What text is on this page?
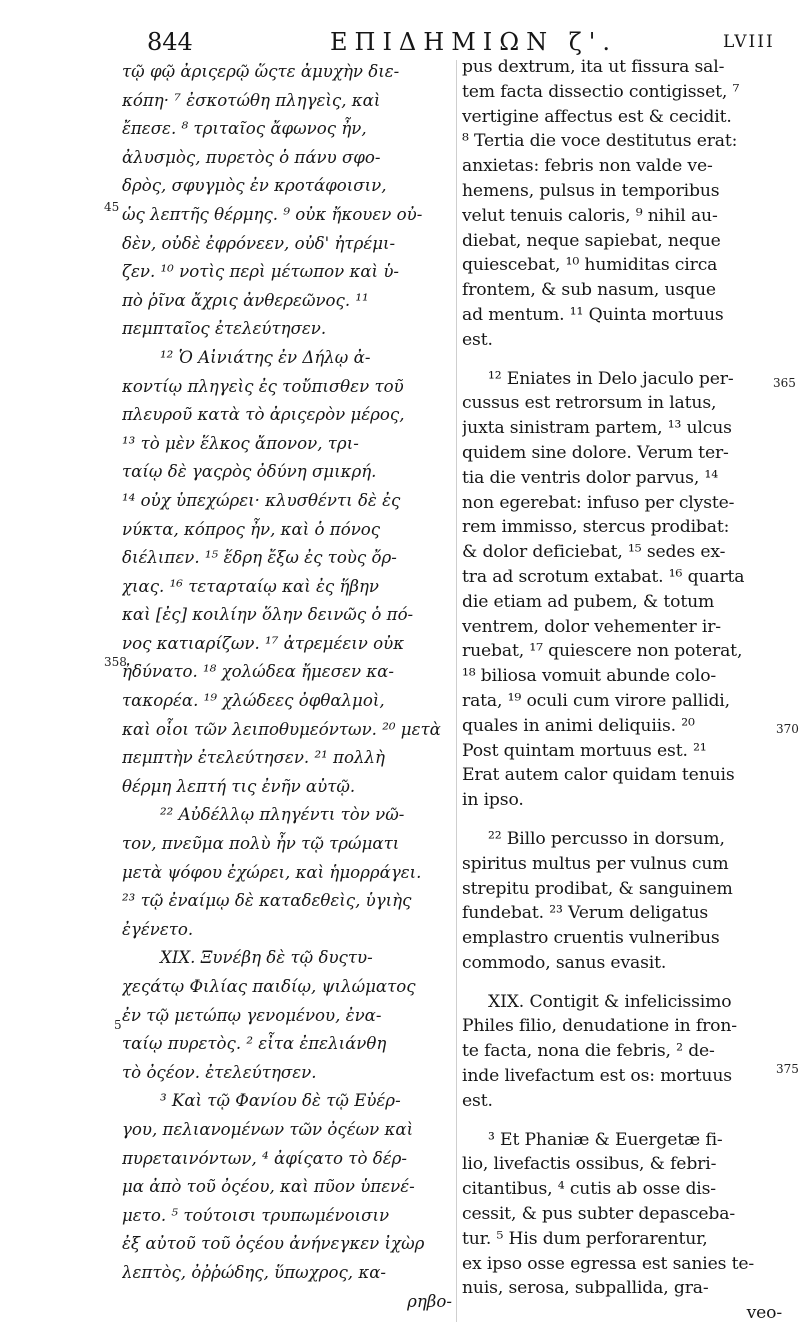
844	ΕΠΙΔΗΜΙΩΝ ζ'.	LVIII
45
365
358
370
5
375
τῷ φῷ ἀριςερῷ ὥςτε ἀμυχὴν διε-
κόπη· ⁷ ἐσκοτώθη πληγεὶς, καὶ
ἔπεσε. ⁸ τριταῖος ἄφωνος ἦν,
ἀλυσμὸς, πυρετὸς ὁ πάνυ σφο-
δρὸς, σφυγμὸς ἐν κροτάφοισιν,
ὡς λεπτῆς θέρμης. ⁹ οὐκ ἤκουεν οὐ-
δὲν, οὐδὲ ἐφρόνεεν, οὐδ' ἠτρέμι-
ζεν. ¹⁰ νοτὶς περὶ μέτωπον καὶ ὑ-
πὸ ῥῖνα ἄχρις ἀνθερεῶνος. ¹¹
πεμπταῖος ἐτελεύτησεν.
¹² Ὁ Αἰνιάτης ἐν Δήλῳ ἀ-
κοντίῳ πληγεὶς ἐς τοὔπισθεν τοῦ
πλευροῦ κατὰ τὸ ἀριςερὸν μέρος,
¹³ τὸ μὲν ἕλκος ἄπονον, τρι-
ταίῳ δὲ γαςρὸς ὀδύνη σμικρή.
¹⁴ οὐχ ὑπεχώρει· κλυσθέντι δὲ ἐς
νύκτα, κόπρος ἦν, καὶ ὁ πόνος
διέλιπεν. ¹⁵ ἕδρη ἔξω ἐς τοὺς ὄρ-
χιας. ¹⁶ τεταρταίῳ καὶ ἐς ἥβην
καὶ [ἐς] κοιλίην ὅλην δεινῶς ὁ πό-
νος κατιαρίζων. ¹⁷ ἀτρεμέειν οὐκ
ἠδύνατο. ¹⁸ χολώδεα ἤμεσεν κα-
τακορέα. ¹⁹ χλώδεες ὀφθαλμοὶ,
καὶ οἷοι τῶν λειποθυμεόντων. ²⁰ μετὰ
πεμπτὴν ἐτελεύτησεν. ²¹ πολλὴ
θέρμη λεπτή τις ἐνῆν αὐτῷ.
²² Αὐδέλλῳ πληγέντι τὸν νῶ-
τον, πνεῦμα πολὺ ἦν τῷ τρώματι
μετὰ ψόφου ἐχώρει, καὶ ἡμορράγει.
²³ τῷ ἐναίμῳ δὲ καταδεθεὶς, ὑγιὴς
ἐγένετο.
XIX. Ξυνέβη δὲ τῷ δυςτυ-
χεςάτῳ Φιλίας παιδίῳ, ψιλώματος
ἐν τῷ μετώπῳ γενομένου, ἐνα-
ταίῳ πυρετὸς. ² εἶτα ἐπελιάνθη
τὸ ὀςέον. ἐτελεύτησεν.
³ Καὶ τῷ Φανίου δὲ τῷ Εὐέρ-
γου, πελιανομένων τῶν ὀςέων καὶ
πυρεταινόντων, ⁴ ἀφίςατο τὸ δέρ-
μα ἀπὸ τοῦ ὀςέου, καὶ πῦον ὑπενέ-
μετο. ⁵ τούτοισι τρυπωμένοισιν
ἐξ αὐτοῦ τοῦ ὀςέου ἀνήνεγκεν ἰχὼρ
λεπτὸς, ὀῤῥώδης, ὕπωχρος, κα-
ρηβο-
pus dextrum, ita ut fissura sal-
tem facta dissectio contigisset, ⁷
vertigine affectus est & cecidit.
⁸ Tertia die voce destitutus erat:
anxietas: febris non valde ve-
hemens, pulsus in temporibus
velut tenuis caloris, ⁹ nihil au-
diebat, neque sapiebat, neque
quiescebat, ¹⁰ humiditas circa
frontem, & sub nasum, usque
ad mentum. ¹¹ Quinta mortuus
est.
¹² Eniates in Delo jaculo per-
cussus est retrorsum in latus,
juxta sinistram partem, ¹³ ulcus
quidem sine dolore. Verum ter-
tia die ventris dolor parvus, ¹⁴
non egerebat: infuso per clyste-
rem immisso, stercus prodibat:
& dolor deficiebat, ¹⁵ sedes ex-
tra ad scrotum extabat. ¹⁶ quarta
die etiam ad pubem, & totum
ventrem, dolor vehementer ir-
ruebat, ¹⁷ quiescere non poterat,
¹⁸ biliosa vomuit abunde colo-
rata, ¹⁹ oculi cum virore pallidi,
quales in animi deliquiis. ²⁰
Post quintam mortuus est. ²¹
Erat autem calor quidam tenuis
in ipso.
²² Billo percusso in dorsum,
spiritus multus per vulnus cum
strepitu prodibat, & sanguinem
fundebat. ²³ Verum deligatus
emplastro cruentis vulneribus
commodo, sanus evasit.
XIX. Contigit & infelicissimo
Philes filio, denudatione in fron-
te facta, nona die febris, ² de-
inde livefactum est os: mortuus
est.
³ Et Phaniæ & Euergetæ fi-
lio, livefactis ossibus, & febri-
citantibus, ⁴ cutis ab osse dis-
cessit, & pus subter depasceba-
tur. ⁵ His dum perforarentur,
ex ipso osse egressa est sanies te-
nuis, serosa, subpallida, gra-
veo-
